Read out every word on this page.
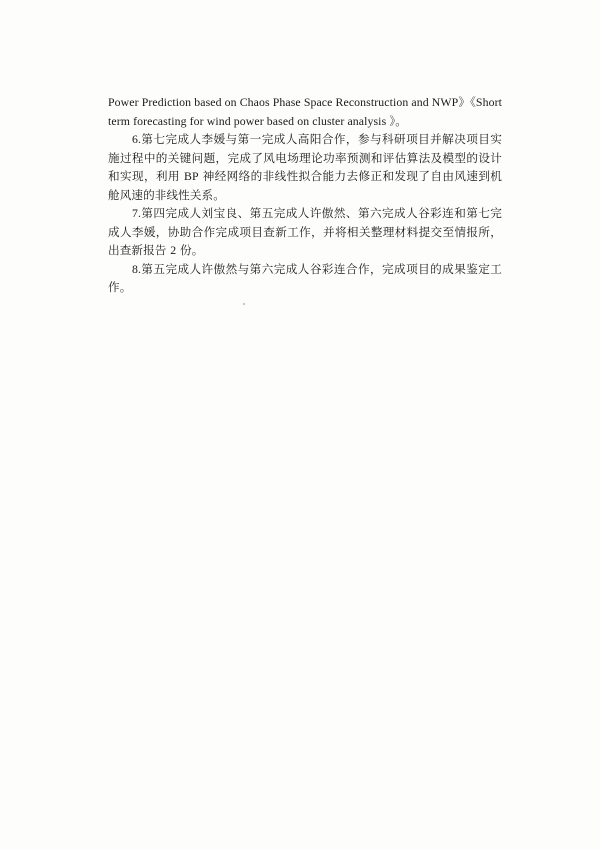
Power Prediction based on Chaos Phase Space Reconstruction and NWP》《Short term forecasting for wind power based on cluster analysis 》。

6.第七完成人李媛与第一完成人高阳合作，参与科研项目并解决项目实施过程中的关键问题，完成了风电场理论功率预测和评估算法及模型的设计和实现，利用 BP 神经网络的非线性拟合能力去修正和发现了自由风速到机舱风速的非线性关系。

7.第四完成人刘宝良、第五完成人许傲然、第六完成人谷彩连和第七完成人李媛，协助合作完成项目查新工作，并将相关整理材料提交至情报所，出查新报告 2 份。

8.第五完成人许傲然与第六完成人谷彩连合作，完成项目的成果鉴定工作。
